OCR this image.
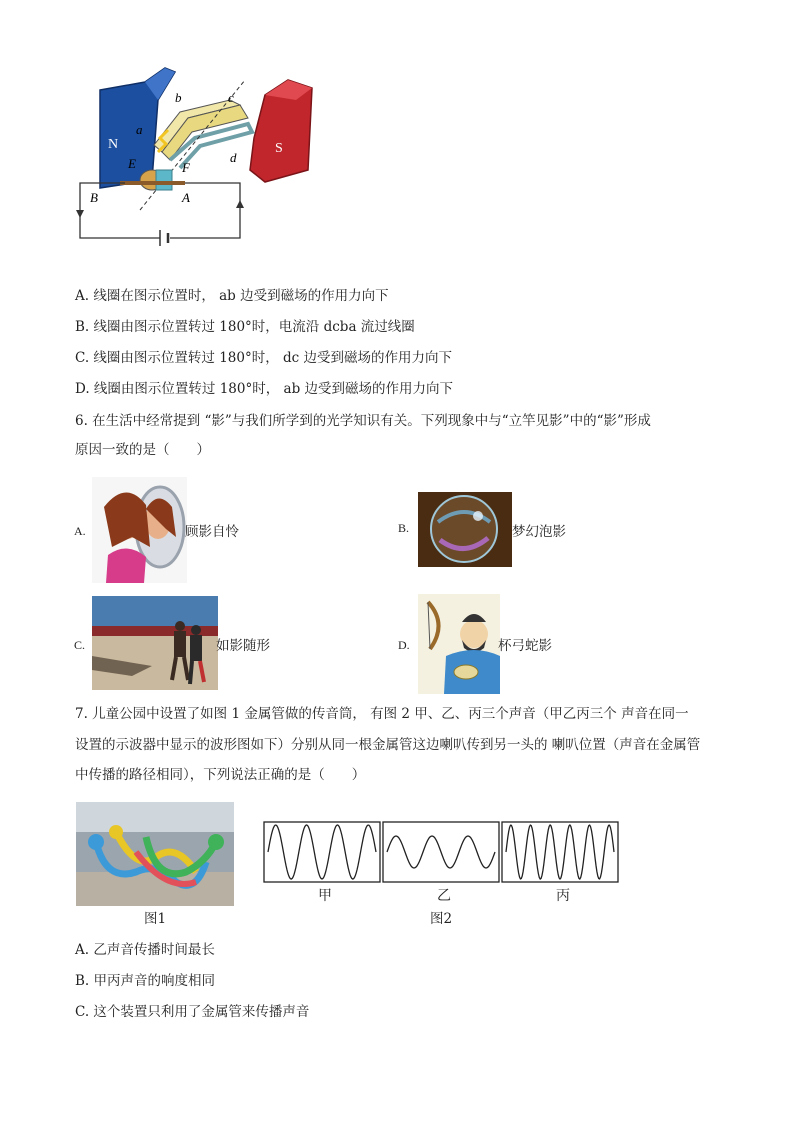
N	S
a
b	c
d
E	F
A
B
A. 线圈在图示位置时， ab 边受到磁场的作用力向下
B. 线圈由图示位置转过 180°时，电流沿 dcba 流过线圈
C. 线圈由图示位置转过 180°时， dc 边受到磁场的作用力向下
D. 线圈由图示位置转过 180°时， ab 边受到磁场的作用力向下
6. 在生活中经常提到 “影”与我们所学到的光学知识有关。下列现象中与“立竿见影”中的“影”形成
原因一致的是（　　）
A.	顾影自怜	B.	梦幻泡影
C.	如影随形	D.	杯弓蛇影
7. 儿童公园中设置了如图 1 金属管做的传音筒， 有图 2 甲、乙、丙三个声音（甲乙丙三个 声音在同一
设置的示波器中显示的波形图如下）分别从同一根金属管这边喇叭传到另一头的 喇叭位置（声音在金属管
中传播的路径相同），下列说法正确的是（　　）
图1
甲	乙	丙
图2
A. 乙声音传播时间最长
B. 甲丙声音的响度相同
C. 这个装置只利用了金属管来传播声音
